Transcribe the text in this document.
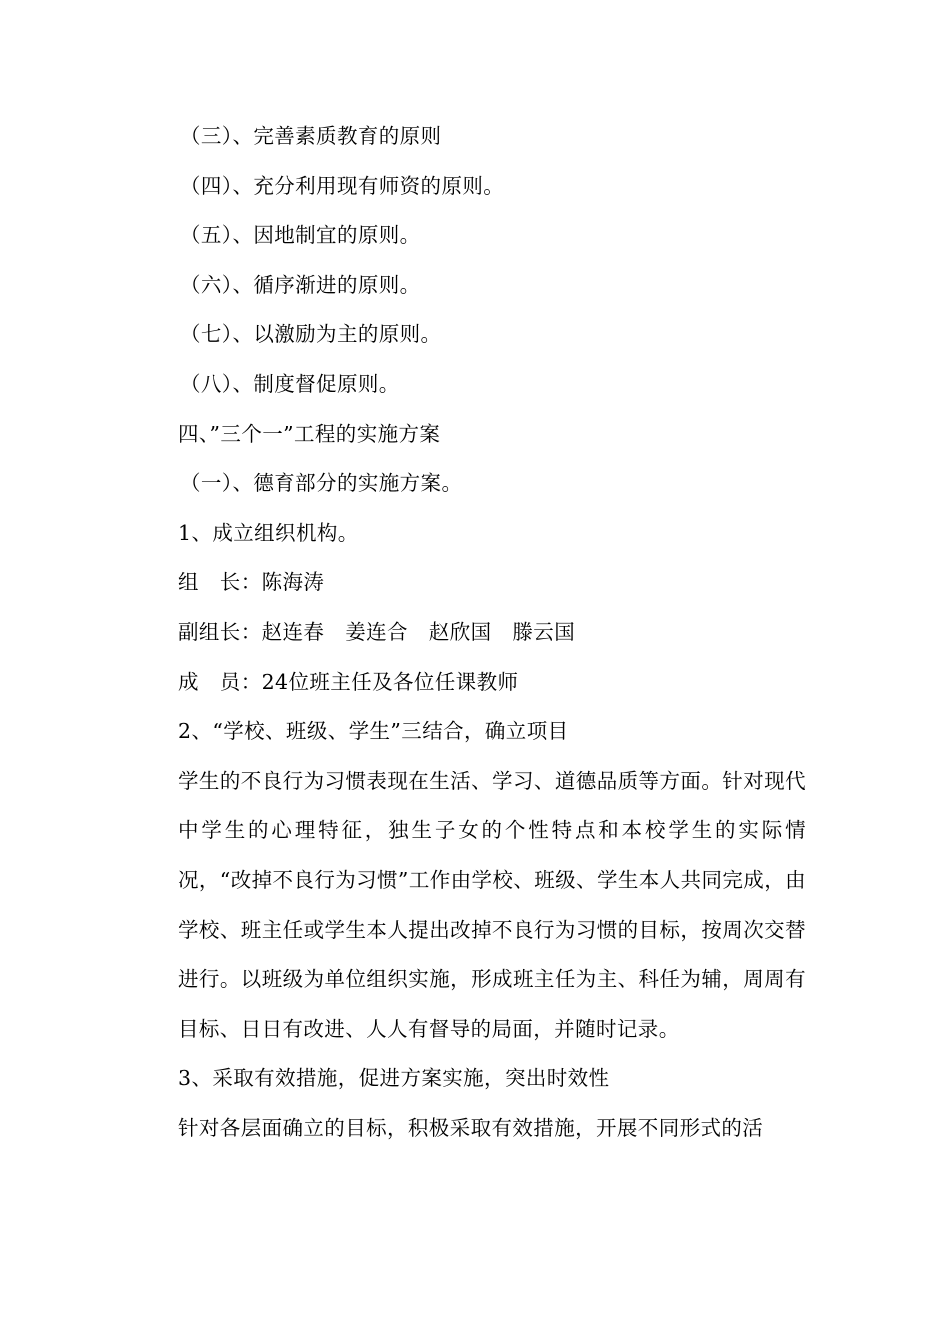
（三）、完善素质教育的原则
（四）、充分利用现有师资的原则。
（五）、因地制宜的原则。
（六）、循序渐进的原则。
（七）、以激励为主的原则。
（八）、制度督促原则。
四、”三个一”工程的实施方案
（一）、德育部分的实施方案。
1、成立组织机构。
组　长：陈海涛
副组长：赵连春　姜连合　赵欣国　滕云国
成　员：24位班主任及各位任课教师
2、“学校、班级、学生”三结合，确立项目
学生的不良行为习惯表现在生活、学习、道德品质等方面。针对现代中学生的心理特征，独生子女的个性特点和本校学生的实际情况，“改掉不良行为习惯”工作由学校、班级、学生本人共同完成，由学校、班主任或学生本人提出改掉不良行为习惯的目标，按周次交替进行。以班级为单位组织实施，形成班主任为主、科任为辅，周周有目标、日日有改进、人人有督导的局面，并随时记录。
3、采取有效措施，促进方案实施，突出时效性
针对各层面确立的目标，积极采取有效措施，开展不同形式的活
